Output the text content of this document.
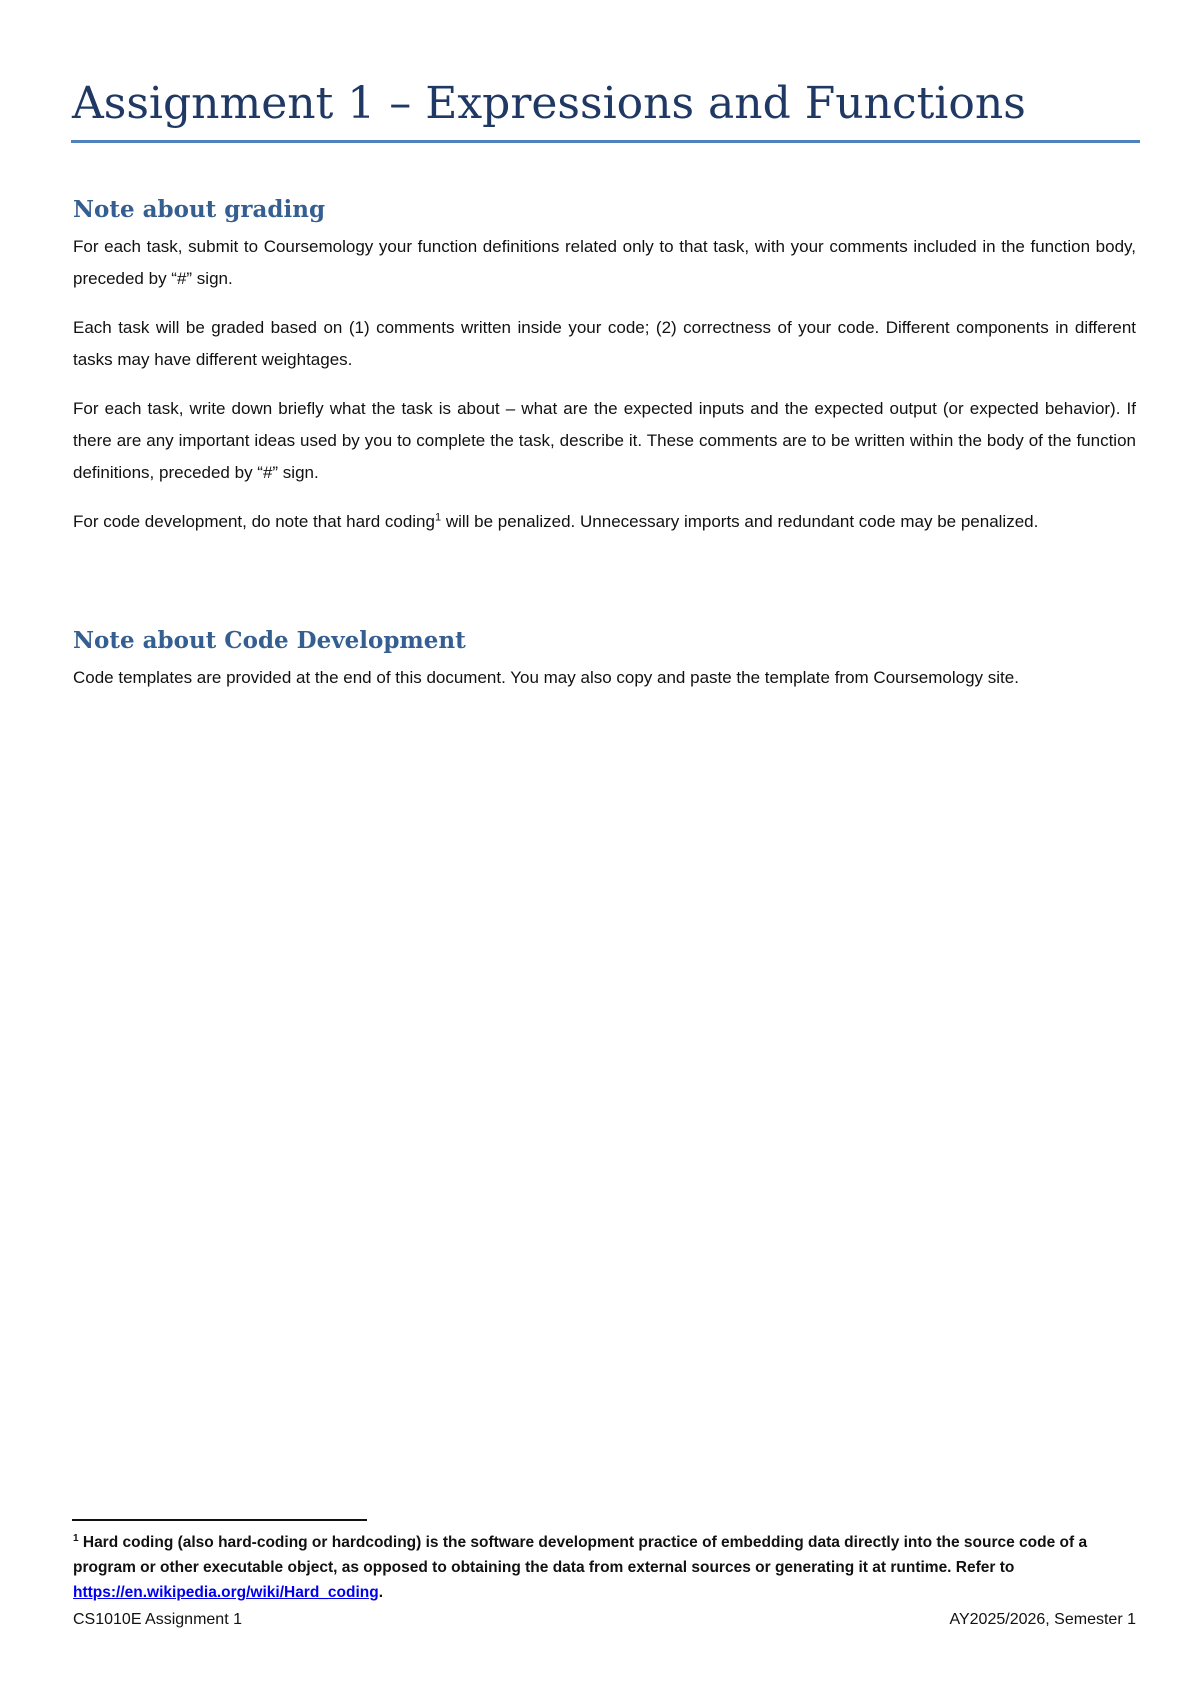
Assignment 1 – Expressions and Functions
Note about grading

For each task, submit to Coursemology your function definitions related only to that task, with your comments included in the function body, preceded by “#” sign.

Each task will be graded based on (1) comments written inside your code; (2) correctness of your code. Different components in different tasks may have different weightages.

For each task, write down briefly what the task is about – what are the expected inputs and the expected output (or expected behavior). If there are any important ideas used by you to complete the task, describe it. These comments are to be written within the body of the function definitions, preceded by “#” sign.

For code development, do note that hard coding$^1$ will be penalized. Unnecessary imports and redundant code may be penalized.

Note about Code Development

Code templates are provided at the end of this document. You may also copy and paste the template from Coursemology site.

$^1$ Hard coding (also hard-coding or hardcoding) is the software development practice of embedding data directly into the source code of a program or other executable object, as opposed to obtaining the data from external sources or generating it at runtime. Refer to https://en.wikipedia.org/wiki/Hard_coding.

CS1010E Assignment 1	AY2025/2026, Semester 1
